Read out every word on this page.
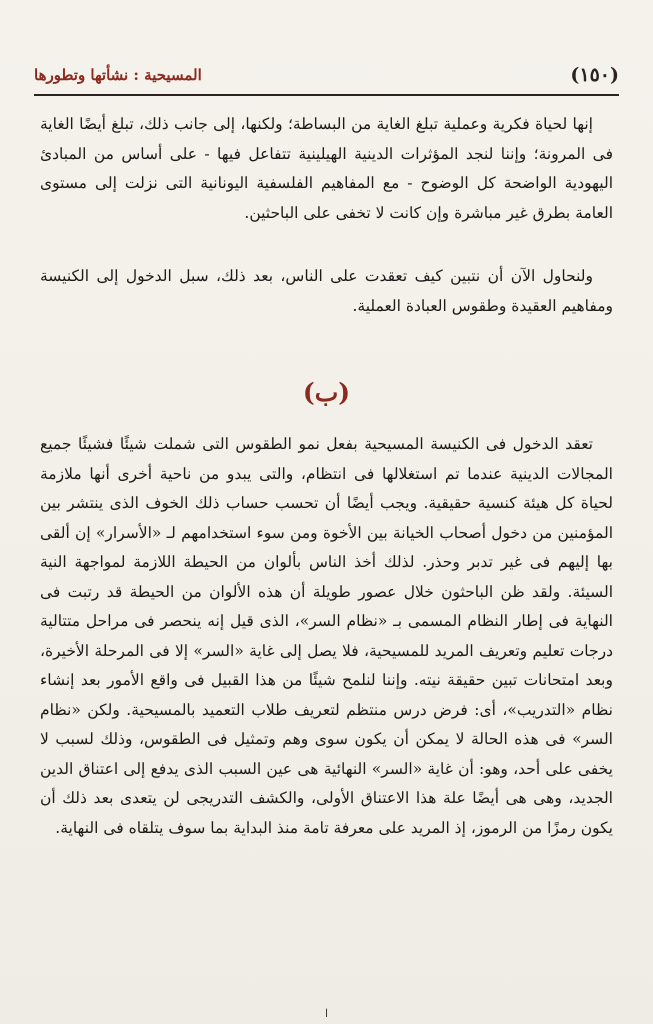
(١٥٠)
المسيحية : نشأتها وتطورها

إنها لحياة فكرية وعملية تبلغ الغاية من البساطة؛ ولكنها، إلى جانب ذلك، تبلغ أيضًا الغاية فى المرونة؛ وإننا لنجد المؤثرات الدينية الهيلينية تتفاعل فيها - على أساس من المبادئ اليهودية الواضحة كل الوضوح - مع المفاهيم الفلسفية اليونانية التى نزلت إلى مستوى العامة بطرق غير مباشرة وإن كانت لا تخفى على الباحثين.

ولنحاول الآن أن نتبين كيف تعقدت على الناس، بعد ذلك، سبل الدخول إلى الكنيسة ومفاهيم العقيدة وطقوس العبادة العملية.

(ب)

تعقد الدخول فى الكنيسة المسيحية بفعل نمو الطقوس التى شملت شيئًا فشيئًا جميع المجالات الدينية عندما تم استغلالها فى انتظام، والتى يبدو من ناحية أخرى أنها ملازمة لحياة كل هيئة كنسية حقيقية. ويجب أيضًا أن تحسب حساب ذلك الخوف الذى ينتشر بين المؤمنين من دخول أصحاب الخيانة بين الأخوة ومن سوء استخدامهم لـ «الأسرار» إن ألقى بها إليهم فى غير تدبر وحذر. لذلك أخذ الناس بألوان من الحيطة اللازمة لمواجهة النية السيئة. ولقد ظن الباحثون خلال عصور طويلة أن هذه الألوان من الحيطة قد رتبت فى النهاية فى إطار النظام المسمى بـ «نظام السر»، الذى قيل إنه ينحصر فى مراحل متتالية درجات تعليم وتعريف المريد للمسيحية، فلا يصل إلى غاية «السر» إلا فى المرحلة الأخيرة، وبعد امتحانات تبين حقيقة نيته. وإننا لنلمح شيئًا من هذا القبيل فى واقع الأمور بعد إنشاء نظام «التدريب»، أى: فرض درس منتظم لتعريف طلاب التعميد بالمسيحية. ولكن «نظام السر» فى هذه الحالة لا يمكن أن يكون سوى وهم وتمثيل فى الطقوس، وذلك لسبب لا يخفى على أحد، وهو: أن غاية «السر» النهائية هى عين السبب الذى يدفع إلى اعتناق الدين الجديد، وهى هى أيضًا علة هذا الاعتناق الأولى، والكشف التدريجى لن يتعدى بعد ذلك أن يكون رمزًا من الرموز، إذ المريد على معرفة تامة منذ البداية بما سوف يتلقاه فى النهاية.

ا
